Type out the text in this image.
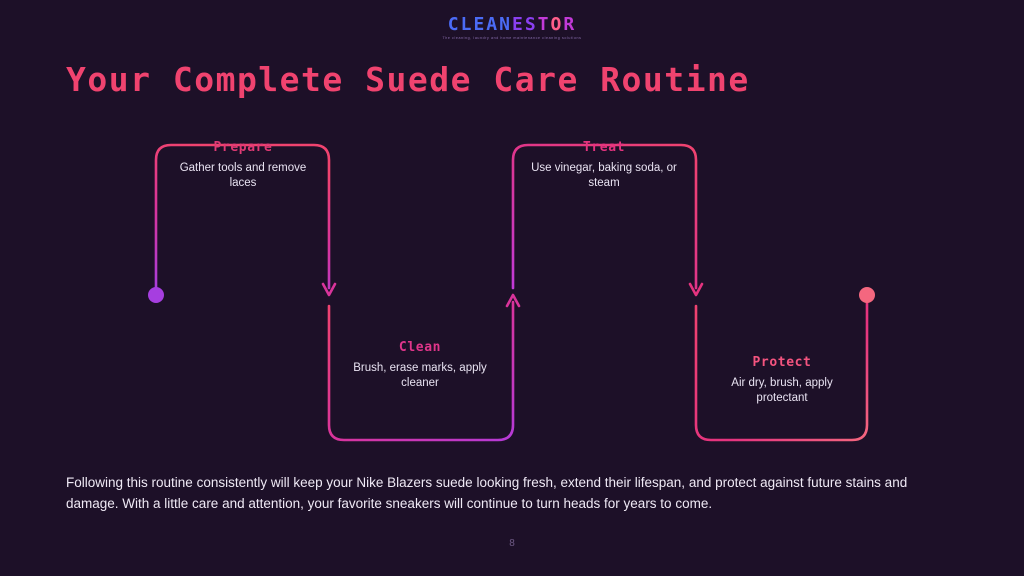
CLEANESTOR
The cleaning, laundry and home maintenance cleaning solutions
Your Complete Suede Care Routine
Prepare
Gather tools and remove laces
Clean
Brush, erase marks, apply cleaner
Treat
Use vinegar, baking soda, or steam
Protect
Air dry, brush, apply protectant
Following this routine consistently will keep your Nike Blazers suede looking fresh, extend their lifespan, and protect against future stains and damage. With a little care and attention, your favorite sneakers will continue to turn heads for years to come.
8
